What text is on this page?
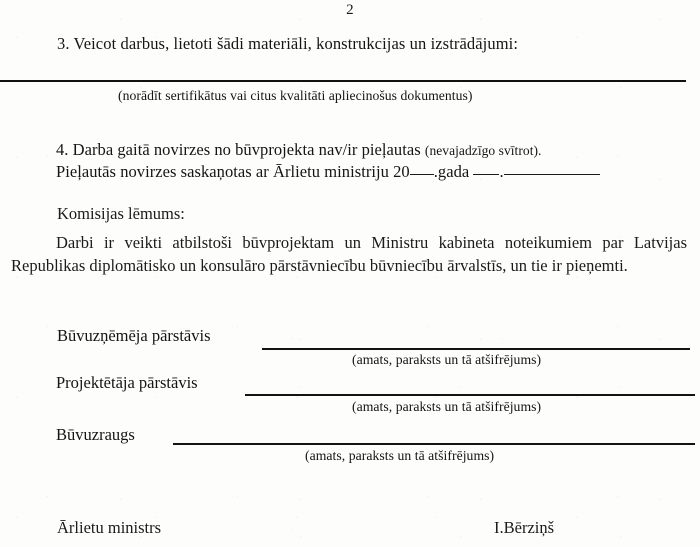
2
3. Veicot darbus, lietoti šādi materiāli, konstrukcijas un izstrādājumi:
(norādīt sertifikātus vai citus kvalitāti apliecinošus dokumentus)
4. Darba gaitā novirzes no būvprojekta nav/ir pieļautas (nevajadzīgo svītrot).
Pieļautās novirzes saskaņotas ar Ārlietu ministriju 20 .gada .
Komisijas lēmums:
Darbi ir veikti atbilstoši būvprojektam un Ministru kabineta noteikumiem par Latvijas Republikas diplomātisko un konsulāro pārstāvniecību būvniecību ārvalstīs, un tie ir pieņemti.
Būvuzņēmēja pārstāvis
(amats, paraksts un tā atšifrējums)
Projektētāja pārstāvis
(amats, paraksts un tā atšifrējums)
Būvuzraugs
(amats, paraksts un tā atšifrējums)
Ārlietu ministrs	I.Bērziņš
